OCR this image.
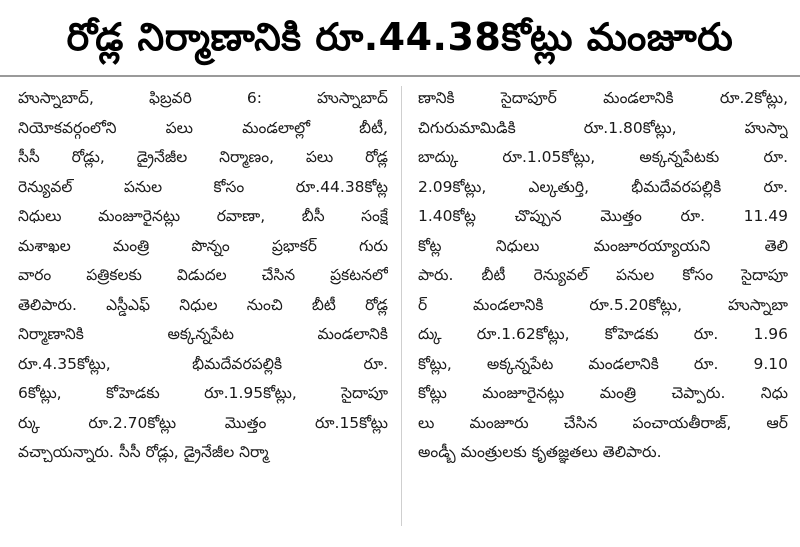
రోడ్ల నిర్మాణానికి రూ.44.38కోట్లు మంజూరు
హుస్నాబాద్, ఫిబ్రవరి 6: హుస్నాబాద్
నియోకవర్గంలోని పలు మండలాల్లో బీటీ,
సీసీ రోడ్లు, డ్రైనేజీల నిర్మాణం, పలు రోడ్ల
రెన్యువల్ పనుల కోసం రూ.44.38కోట్ల
నిధులు మంజూరైనట్లు రవాణా, బీసీ సంక్షే
మశాఖల మంత్రి పొన్నం ప్రభాకర్ గురు
వారం పత్రికలకు విడుదల చేసిన ప్రకటనలో
తెలిపారు. ఎస్డీఎఫ్ నిధుల నుంచి బీటీ రోడ్ల
నిర్మాణానికి అక్కన్నపేట మండలానికి
రూ.4.35కోట్లు, భీమదేవరపల్లికి రూ.
6కోట్లు, కోహెడకు రూ.1.95కోట్లు, సైదాపూ
ర్కు రూ.2.70కోట్లు మొత్తం రూ.15కోట్లు
వచ్చాయన్నారు. సీసీ రోడ్లు, డ్రైనేజీల నిర్మా
ణానికి సైదాపూర్ మండలానికి రూ.2కోట్లు,
చిగురుమామిడికి రూ.1.80కోట్లు, హుస్నా
బాద్కు రూ.1.05కోట్లు, అక్కన్నపేటకు రూ.
2.09కోట్లు, ఎల్కతుర్తి, భీమదేవరపల్లికి రూ.
1.40కోట్ల చొప్పున మొత్తం రూ. 11.49
కోట్ల నిధులు మంజూరయ్యాయని తెలి
పారు. బీటీ రెన్యువల్ పనుల కోసం సైదాపూ
ర్ మండలానికి రూ.5.20కోట్లు, హుస్నాబా
ద్కు రూ.1.62కోట్లు, కోహెడకు రూ. 1.96
కోట్లు, అక్కన్నపేట మండలానికి రూ. 9.10
కోట్లు మంజూరైనట్లు మంత్రి చెప్పారు. నిధు
లు మంజూరు చేసిన పంచాయతీరాజ్, ఆర్
అండ్బీ మంత్రులకు కృతజ్ఞతలు తెలిపారు.
